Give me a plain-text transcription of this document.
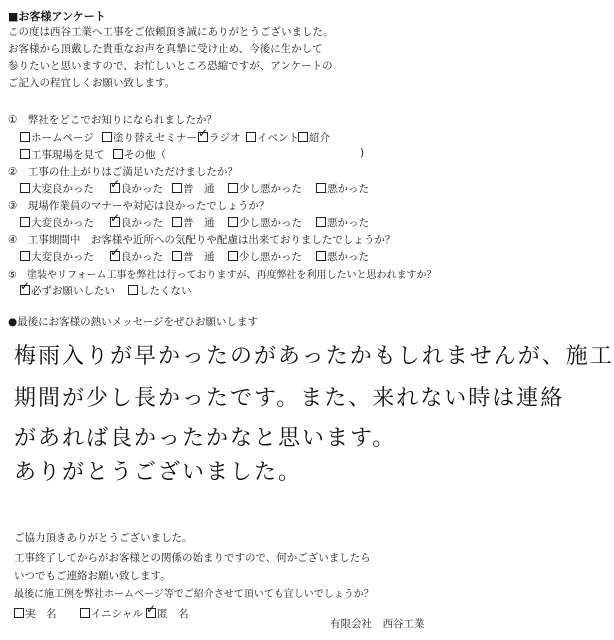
■お客様アンケート
この度は西谷工業へ工事をご依頼頂き誠にありがとうございました。
お客様から頂戴した貴重なお声を真摯に受け止め、今後に生かして
参りたいと思いますので、お忙しいところ恐縮ですが、アンケートの
ご記入の程宜しくお願い致します。
①　弊社をどこでお知りになられましたか？
ホームページ	塗り替えセミナー ✓	ラジオ	イベント 紹介
工事現場を見て	その他（	)
②　工事の仕上がりはご満足いただけましたか？
大変良かった ✓	良かった	普　通	少し悪かった	悪かった
③　現場作業員のマナーや対応は良かったでしょうか？
大変良かった ✓	良かった	普　通	少し悪かった	悪かった
④　工事期間中　お客様や近所への気配りや配慮は出来ておりましたでしょうか？
大変良かった ✓	良かった	普　通	少し悪かった	悪かった
⑤　塗装やリフォーム工事を弊社は行っておりますが、再度弊社を利用したいと思われますか？
✓必ずお願いしたい	したくない
●最後にお客様の熱いメッセージをぜひお願いします
梅雨入りが早かったのがあったかもしれませんが、施工
期間が少し長かったです。また、来れない時は連絡
があれば良かったかなと思います。
ありがとうございました。
ご協力頂きありがとうございました。
工事終了してからがお客様との関係の始まりですので、何かございましたら
いつでもご連絡お願い致します。
最後に施工例を弊社ホームページ等でご紹介させて頂いても宜しいでしょうか？
実　名	イニシャル ✓	匿　名
有限会社　西谷工業
